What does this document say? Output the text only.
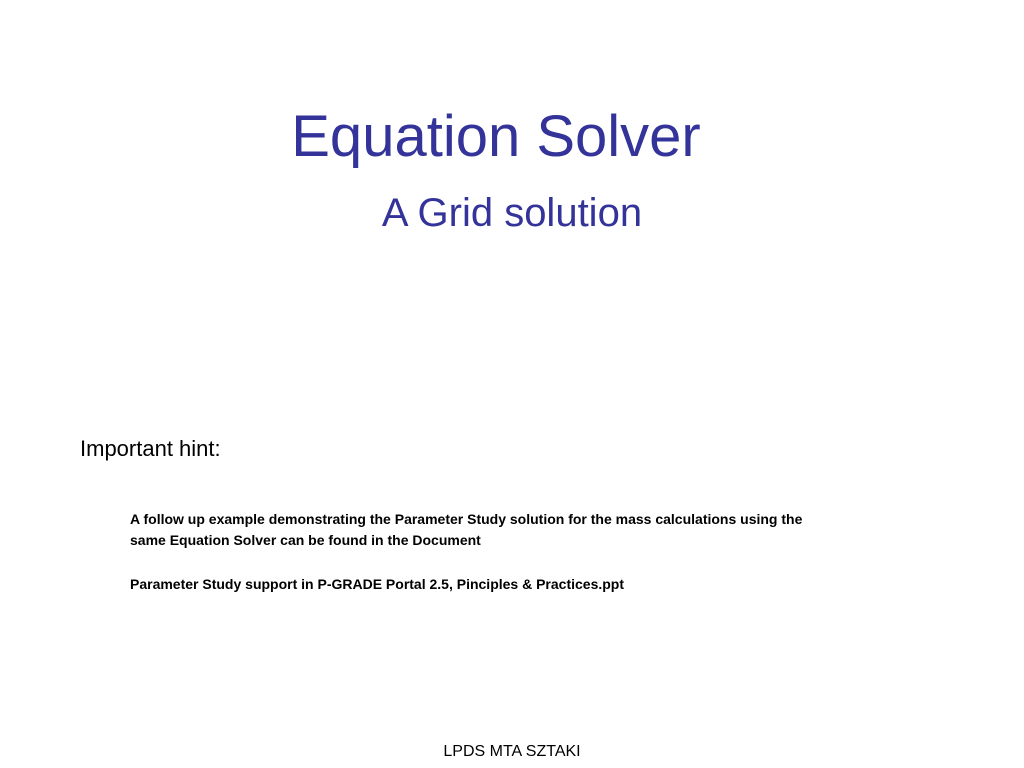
Equation Solver
A Grid solution

Important hint:

A follow up example demonstrating the Parameter Study solution for the mass calculations using the same Equation Solver can be found in the Document

Parameter Study support in P-GRADE Portal 2.5, Pinciples & Practices.ppt

LPDS MTA SZTAKI
